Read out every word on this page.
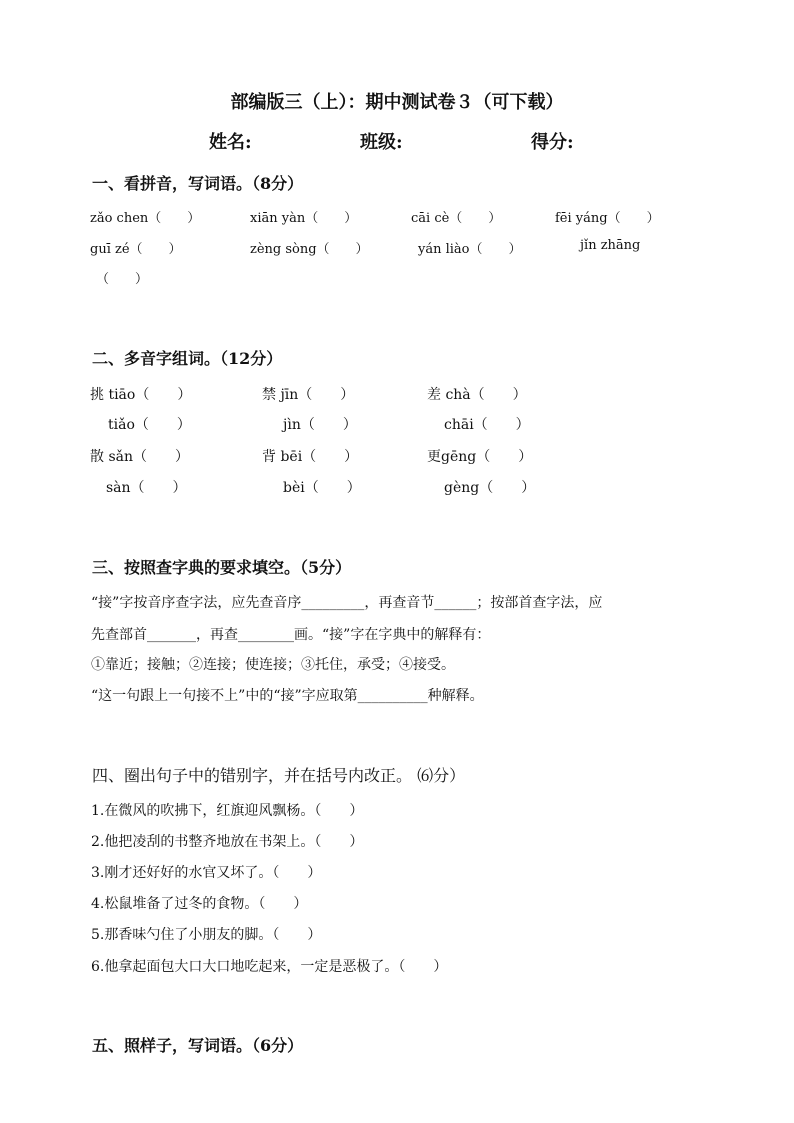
部编版三（上）：期中测试卷３（可下载）
姓名:	班级:	得分:
一、看拼音，写词语。（8分）
zǎo chen（　　）	xiān yàn（　　）	cāi cè（　　）	fēi yáng（　　）
guī zé（　　）	zèng sòng（　　）	yán liào（　　）	jǐn zhāng
（　　）
二、多音字组词。（12分）
挑 tiāo（　　）	禁 jīn（　　）	差 chà（　　）
tiǎo（　　）	jìn（　　）	chāi（　　）
散 sǎn（　　）	背 bēi（　　）	更gēng（　　）
sàn（　　）	bèi（　　）	gèng（　　）
三、按照查字典的要求填空。（5分）
“接”字按音序查字法，应先查音序_________，再查音节______；按部首查字法，应
先查部首_______，再查________画。“接”字在字典中的解释有：
①靠近；接触；②连接；使连接；③托住，承受；④接受。
“这一句跟上一句接不上”中的“接”字应取第__________种解释。
四、圈出句子中的错别字，并在括号内改正。 ⑹分）
1.在微风的吹拂下，红旗迎风飘杨。（　　）
2.他把凌刮的书整齐地放在书架上。（　　）
3.刚才还好好的水官又坏了。（　　）
4.松鼠堆备了过冬的食物。（　　）
5.那香味勺住了小朋友的脚。（　　）
6.他拿起面包大口大口地吃起来，一定是恶极了。（　　）
五、照样子，写词语。（6分）
